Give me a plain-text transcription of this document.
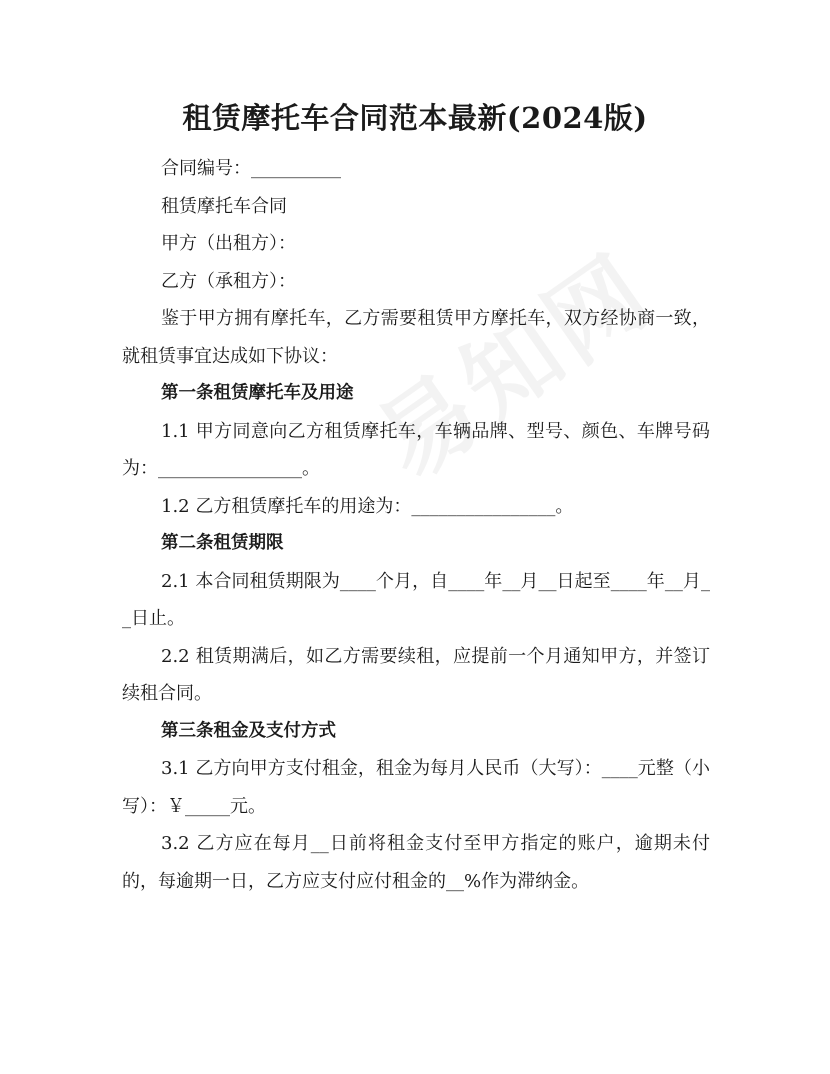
租赁摩托车合同范本最新(2024版)

合同编号：__________

租赁摩托车合同

甲方（出租方）：

乙方（承租方）：

鉴于甲方拥有摩托车，乙方需要租赁甲方摩托车，双方经协商一致，就租赁事宜达成如下协议：

第一条租赁摩托车及用途

1.1 甲方同意向乙方租赁摩托车，车辆品牌、型号、颜色、车牌号码为：________________。

1.2 乙方租赁摩托车的用途为：________________。

第二条租赁期限

2.1 本合同租赁期限为____个月，自____年__月__日起至____年__月__日止。

2.2 租赁期满后，如乙方需要续租，应提前一个月通知甲方，并签订续租合同。

第三条租金及支付方式

3.1 乙方向甲方支付租金，租金为每月人民币（大写）：____元整（小写）：￥_____元。

3.2 乙方应在每月__日前将租金支付至甲方指定的账户，逾期未付的，每逾期一日，乙方应支付应付租金的__%作为滞纳金。
